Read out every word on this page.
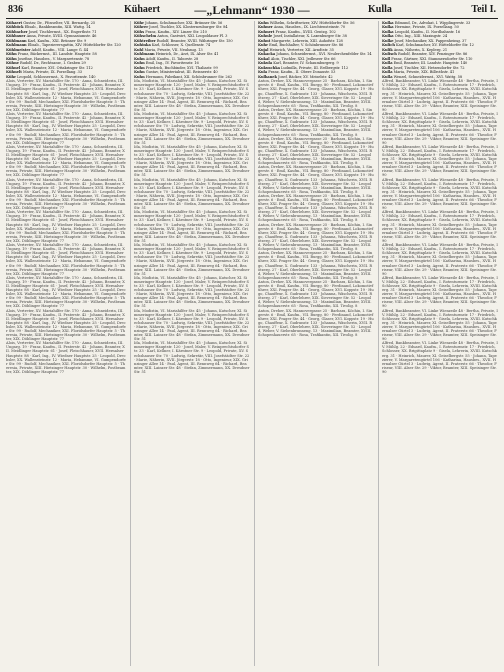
836	Kühaert	—„Lehmann“ 1930 —	Kulla	Teil I.
Kühaert Gustav, Dr., Pfosselter, VII. Bernardg. 25
Kühböck Elisab., Bankbeamtin, XIII. Wattg. 14
Kühbacher Josef, Tischlermst., XX. Engerthstr. 71
Kühbauer Anna, Private, XVIII. Gymnasiumstr. 46
Kühlmann Karl, Kaufm., XXI. Brünner Str. 9
Kuhlmann Elisab., Tapezierersgattin, XIV. Hütteldorfer Str. 120
Kühlmeister Adolf, Kaufm., VIII. Lange G. 44
Kühn Franz, Bäckermst., III. Landstr. Hauptstr. 58
Kühn Josefine, Hausbes., V. Margaretenstr. 78
Kühne Rudolf, Dr., Rechtsanw., I. Graben 29
Kühnel Karl, Beamter, XVI. Ottakringer Str. 112
Kühnelt Maria, Private, IX. Porzellang. 33
Kühr Leopold, Schlossermst., X. Favoritenstr. 140
Alois, Vertreter, XV. Mariahilfer Str. 170 · Anna, Schneiderin, III. Ungarg. 19 · Franz, Kaufm., II. Praterstr. 42 · Johann, Beamter, XII. Meidlinger Hauptstr. 61 · Josef, Fleischhauer, XVII. Hernalser Hauptstr. 88 · Karl, Ing., IV. Wiedner Hauptstr. 25 · Leopold, Drechsler, XX. Wallensteinstr. 12 · Maria, Hebamme, VI. Gumpendorfer Str. 99 · Rudolf, Mechaniker, XXI. Floridsdorfer Hauptstr. 5 · Theresia, Private, XIII. Hietzinger Hauptstr. 30 · Wilhelm, Postbeamter, XIX. Döblinger Hauptstr. 77
Alois, Vertreter, XV. Mariahilfer Str. 170 · Anna, Schneiderin, III. Ungarg. 19 · Franz, Kaufm., II. Praterstr. 42 · Johann, Beamter, XII. Meidlinger Hauptstr. 61 · Josef, Fleischhauer, XVII. Hernalser Hauptstr. 88 · Karl, Ing., IV. Wiedner Hauptstr. 25 · Leopold, Drechsler, XX. Wallensteinstr. 12 · Maria, Hebamme, VI. Gumpendorfer Str. 99 · Rudolf, Mechaniker, XXI. Floridsdorfer Hauptstr. 5 · Theresia, Private, XIII. Hietzinger Hauptstr. 30 · Wilhelm, Postbeamter, XIX. Döblinger Hauptstr. 77
Alois, Vertreter, XV. Mariahilfer Str. 170 · Anna, Schneiderin, III. Ungarg. 19 · Franz, Kaufm., II. Praterstr. 42 · Johann, Beamter, XII. Meidlinger Hauptstr. 61 · Josef, Fleischhauer, XVII. Hernalser Hauptstr. 88 · Karl, Ing., IV. Wiedner Hauptstr. 25 · Leopold, Drechsler, XX. Wallensteinstr. 12 · Maria, Hebamme, VI. Gumpendorfer Str. 99 · Rudolf, Mechaniker, XXI. Floridsdorfer Hauptstr. 5 · Theresia, Private, XIII. Hietzinger Hauptstr. 30 · Wilhelm, Postbeamter, XIX. Döblinger Hauptstr. 77
Alois, Vertreter, XV. Mariahilfer Str. 170 · Anna, Schneiderin, III. Ungarg. 19 · Franz, Kaufm., II. Praterstr. 42 · Johann, Beamter, XII. Meidlinger Hauptstr. 61 · Josef, Fleischhauer, XVII. Hernalser Hauptstr. 88 · Karl, Ing., IV. Wiedner Hauptstr. 25 · Leopold, Drechsler, XX. Wallensteinstr. 12 · Maria, Hebamme, VI. Gumpendorfer Str. 99 · Rudolf, Mechaniker, XXI. Floridsdorfer Hauptstr. 5 · Theresia, Private, XIII. Hietzinger Hauptstr. 30 · Wilhelm, Postbeamter, XIX. Döblinger Hauptstr. 77
Alois, Vertreter, XV. Mariahilfer Str. 170 · Anna, Schneiderin, III. Ungarg. 19 · Franz, Kaufm., II. Praterstr. 42 · Johann, Beamter, XII. Meidlinger Hauptstr. 61 · Josef, Fleischhauer, XVII. Hernalser Hauptstr. 88 · Karl, Ing., IV. Wiedner Hauptstr. 25 · Leopold, Drechsler, XX. Wallensteinstr. 12 · Maria, Hebamme, VI. Gumpendorfer Str. 99 · Rudolf, Mechaniker, XXI. Floridsdorfer Hauptstr. 5 · Theresia, Private, XIII. Hietzinger Hauptstr. 30 · Wilhelm, Postbeamter, XIX. Döblinger Hauptstr. 77
Alois, Vertreter, XV. Mariahilfer Str. 170 · Anna, Schneiderin, III. Ungarg. 19 · Franz, Kaufm., II. Praterstr. 42 · Johann, Beamter, XII. Meidlinger Hauptstr. 61 · Josef, Fleischhauer, XVII. Hernalser Hauptstr. 88 · Karl, Ing., IV. Wiedner Hauptstr. 25 · Leopold, Drechsler, XX. Wallensteinstr. 12 · Maria, Hebamme, VI. Gumpendorfer Str. 99 · Rudolf, Mechaniker, XXI. Floridsdorfer Hauptstr. 5 · Theresia, Private, XIII. Hietzinger Hauptstr. 30 · Wilhelm, Postbeamter, XIX. Döblinger Hauptstr. 77
Alois, Vertreter, XV. Mariahilfer Str. 170 · Anna, Schneiderin, III. Ungarg. 19 · Franz, Kaufm., II. Praterstr. 42 · Johann, Beamter, XII. Meidlinger Hauptstr. 61 · Josef, Fleischhauer, XVII. Hernalser Hauptstr. 88 · Karl, Ing., IV. Wiedner Hauptstr. 25 · Leopold, Drechsler, XX. Wallensteinstr. 12 · Maria, Hebamme, VI. Gumpendorfer Str. 99 · Rudolf, Mechaniker, XXI. Floridsdorfer Hauptstr. 5 · Theresia, Private, XIII. Hietzinger Hauptstr. 30 · Wilhelm, Postbeamter, XIX. Döblinger Hauptstr. 77
Alois, Vertreter, XV. Mariahilfer Str. 170 · Anna, Schneiderin, III. Ungarg. 19 · Franz, Kaufm., II. Praterstr. 42 · Johann, Beamter, XII. Meidlinger Hauptstr. 61 · Josef, Fleischhauer, XVII. Hernalser Hauptstr. 88 · Karl, Ing., IV. Wiedner Hauptstr. 25 · Leopold, Drechsler, XX. Wallensteinstr. 12 · Maria, Hebamme, VI. Gumpendorfer Str. 99 · Rudolf, Mechaniker, XXI. Floridsdorfer Hauptstr. 5 · Theresia, Private, XIII. Hietzinger Hauptstr. 30 · Wilhelm, Postbeamter, XIX. Döblinger Hauptstr. 77
Alois, Vertreter, XV. Mariahilfer Str. 170 · Anna, Schneiderin, III. Ungarg. 19 · Franz, Kaufm., II. Praterstr. 42 · Johann, Beamter, XII. Meidlinger Hauptstr. 61 · Josef, Fleischhauer, XVII. Hernalser Hauptstr. 88 · Karl, Ing., IV. Wiedner Hauptstr. 25 · Leopold, Drechsler, XX. Wallensteinstr. 12 · Maria, Hebamme, VI. Gumpendorfer Str. 99 · Rudolf, Mechaniker, XXI. Floridsdorfer Hauptstr. 5 · Theresia, Private, XIII. Hietzinger Hauptstr. 30 · Wilhelm, Postbeamter, XIX. Döblinger Hauptstr. 77
Kühr Johann, Schuhmacher, XXI. Brünner Str. 56
Kührer Josef, Tischler, XX. Klosterneuburger Str. 84
Kühs Franz, Kaufm., XIV. Linzer Str. 210
Kühschelm Anton, Gastwirt, XXI. Leopoldauer Pl. 3
Kühtreiber Rudolf, Beamter, XVIII. Währinger Str. 150
Kuhinka Karl, Schlosser, X. Quellenstr. 74
Kuhl Maria, Private, VII. Neubaug. 13
Kuhlmann Heinrich, Dr., Arzt, IX. Alser Str. 41
Kuhn Adolf, Kaufm., II. Taborstr. 28
Kuhn Emil, Ing., IV. Favoritenstr. 16
Kuhn Friedrich, Buchbinder, XVI. Thaliastr. 99
Kuhn Gustav, Ministerialrat, III. Reisnerstr. 40
Kuhn Hermann, Fabrikant, XII. Schönbrunner Str. 262
Ida, Modistin, VI. Mariahilfer Str. 45 · Johann, Kutscher, XI. Simmeringer Hauptstr. 120 · Josef, Maler, V. Reinprechtsdorfer Str. 33 · Karl, Kellner, I. Kärntner Str. 9 · Leopold, Private, XV. Sechshauser Str. 70 · Ludwig, Sekretär, VIII. Josefstädter Str. 22 · Marie, Näherin, XVII. Jörgerstr. 18 · Otto, Ingenieur, XIX. Grinzinger Allee 14 · Paul, Agent, III. Rennweg 64 · Richard, Beamter, XIII. Lainzer Str. 48 · Stefan, Zimmermann, XX. Dresdner Str. 51
Ida, Modistin, VI. Mariahilfer Str. 45 · Johann, Kutscher, XI. Simmeringer Hauptstr. 120 · Josef, Maler, V. Reinprechtsdorfer Str. 33 · Karl, Kellner, I. Kärntner Str. 9 · Leopold, Private, XV. Sechshauser Str. 70 · Ludwig, Sekretär, VIII. Josefstädter Str. 22 · Marie, Näherin, XVII. Jörgerstr. 18 · Otto, Ingenieur, XIX. Grinzinger Allee 14 · Paul, Agent, III. Rennweg 64 · Richard, Beamter, XIII. Lainzer Str. 48 · Stefan, Zimmermann, XX. Dresdner Str. 51
Ida, Modistin, VI. Mariahilfer Str. 45 · Johann, Kutscher, XI. Simmeringer Hauptstr. 120 · Josef, Maler, V. Reinprechtsdorfer Str. 33 · Karl, Kellner, I. Kärntner Str. 9 · Leopold, Private, XV. Sechshauser Str. 70 · Ludwig, Sekretär, VIII. Josefstädter Str. 22 · Marie, Näherin, XVII. Jörgerstr. 18 · Otto, Ingenieur, XIX. Grinzinger Allee 14 · Paul, Agent, III. Rennweg 64 · Richard, Beamter, XIII. Lainzer Str. 48 · Stefan, Zimmermann, XX. Dresdner Str. 51
Ida, Modistin, VI. Mariahilfer Str. 45 · Johann, Kutscher, XI. Simmeringer Hauptstr. 120 · Josef, Maler, V. Reinprechtsdorfer Str. 33 · Karl, Kellner, I. Kärntner Str. 9 · Leopold, Private, XV. Sechshauser Str. 70 · Ludwig, Sekretär, VIII. Josefstädter Str. 22 · Marie, Näherin, XVII. Jörgerstr. 18 · Otto, Ingenieur, XIX. Grinzinger Allee 14 · Paul, Agent, III. Rennweg 64 · Richard, Beamter, XIII. Lainzer Str. 48 · Stefan, Zimmermann, XX. Dresdner Str. 51
Ida, Modistin, VI. Mariahilfer Str. 45 · Johann, Kutscher, XI. Simmeringer Hauptstr. 120 · Josef, Maler, V. Reinprechtsdorfer Str. 33 · Karl, Kellner, I. Kärntner Str. 9 · Leopold, Private, XV. Sechshauser Str. 70 · Ludwig, Sekretär, VIII. Josefstädter Str. 22 · Marie, Näherin, XVII. Jörgerstr. 18 · Otto, Ingenieur, XIX. Grinzinger Allee 14 · Paul, Agent, III. Rennweg 64 · Richard, Beamter, XIII. Lainzer Str. 48 · Stefan, Zimmermann, XX. Dresdner Str. 51
Ida, Modistin, VI. Mariahilfer Str. 45 · Johann, Kutscher, XI. Simmeringer Hauptstr. 120 · Josef, Maler, V. Reinprechtsdorfer Str. 33 · Karl, Kellner, I. Kärntner Str. 9 · Leopold, Private, XV. Sechshauser Str. 70 · Ludwig, Sekretär, VIII. Josefstädter Str. 22 · Marie, Näherin, XVII. Jörgerstr. 18 · Otto, Ingenieur, XIX. Grinzinger Allee 14 · Paul, Agent, III. Rennweg 64 · Richard, Beamter, XIII. Lainzer Str. 48 · Stefan, Zimmermann, XX. Dresdner Str. 51
Ida, Modistin, VI. Mariahilfer Str. 45 · Johann, Kutscher, XI. Simmeringer Hauptstr. 120 · Josef, Maler, V. Reinprechtsdorfer Str. 33 · Karl, Kellner, I. Kärntner Str. 9 · Leopold, Private, XV. Sechshauser Str. 70 · Ludwig, Sekretär, VIII. Josefstädter Str. 22 · Marie, Näherin, XVII. Jörgerstr. 18 · Otto, Ingenieur, XIX. Grinzinger Allee 14 · Paul, Agent, III. Rennweg 64 · Richard, Beamter, XIII. Lainzer Str. 48 · Stefan, Zimmermann, XX. Dresdner Str. 51
Ida, Modistin, VI. Mariahilfer Str. 45 · Johann, Kutscher, XI. Simmeringer Hauptstr. 120 · Josef, Maler, V. Reinprechtsdorfer Str. 33 · Karl, Kellner, I. Kärntner Str. 9 · Leopold, Private, XV. Sechshauser Str. 70 · Ludwig, Sekretär, VIII. Josefstädter Str. 22 · Marie, Näherin, XVII. Jörgerstr. 18 · Otto, Ingenieur, XIX. Grinzinger Allee 14 · Paul, Agent, III. Rennweg 64 · Richard, Beamter, XIII. Lainzer Str. 48 · Stefan, Zimmermann, XX. Dresdner Str. 51
Ida, Modistin, VI. Mariahilfer Str. 45 · Johann, Kutscher, XI. Simmeringer Hauptstr. 120 · Josef, Maler, V. Reinprechtsdorfer Str. 33 · Karl, Kellner, I. Kärntner Str. 9 · Leopold, Private, XV. Sechshauser Str. 70 · Ludwig, Sekretär, VIII. Josefstädter Str. 22 · Marie, Näherin, XVII. Jörgerstr. 18 · Otto, Ingenieur, XIX. Grinzinger Allee 14 · Paul, Agent, III. Rennweg 64 · Richard, Beamter, XIII. Lainzer Str. 48 · Stefan, Zimmermann, XX. Dresdner Str. 51
Kuhn Wilhelm, Schriftsetzer, XIV. Hütteldorfer Str. 56
Kuhner Anna, Hausbes., IX. Liechtensteinstr. 70
Kuhnert Franz, Kaufm., XVIII. Gentzg. 102
Kuhnle Josef, Installateur, X. Laxenburger Str. 38
Kuhnt Margarete, Lehrerin, XIII. Auhofstr. 128
Kuhr Emil, Buchhalter, V. Schönbrunner Str. 86
Kujal Heinrich, Vertreter, XII. Arndtstr. 35
Kukacka Johann, Schneidermst., XVI. Neulerchenfelder Str. 14
Kukal Alois, Tischler, XXI. Jedleseer Str. 66
Kukula Karl, Beamter, IV. Schaumburgerg. 9
Kukuschka Ludmilla, Private, III. Erdbergstr. 112
Kula Franz, Kaufm., II. Obere Donaustr. 53
Kulhanek Josef, Bäcker, XV. Meiselstr. 42
Anton, Dreher, XX. Hannovergasse 25 · Barbara, Köchin, I. Singerstr. 6 · Emil, Kaufm., VII. Burgg. 80 · Ferdinand, Lokomotivführer, XXI. Prager Str. 44 · Georg, Glaser, XVI. Koppstr. 19 · Hugo, Chauffeur, X. Gudrunstr. 133 · Johanna, Wäscherin, XVII. Rötzerg. 27 · Karl, Oberlehrer, XIX. Sieveringer Str. 52 · Leopold, Weber, V. Siebenbrunneng. 13 · Maximilian, Beamter, XVIII. Schopenhauerstr. 65 · Rosa, Trafikantin, XII. Tivolig. 8
Anton, Dreher, XX. Hannovergasse 25 · Barbara, Köchin, I. Singerstr. 6 · Emil, Kaufm., VII. Burgg. 80 · Ferdinand, Lokomotivführer, XXI. Prager Str. 44 · Georg, Glaser, XVI. Koppstr. 19 · Hugo, Chauffeur, X. Gudrunstr. 133 · Johanna, Wäscherin, XVII. Rötzerg. 27 · Karl, Oberlehrer, XIX. Sieveringer Str. 52 · Leopold, Weber, V. Siebenbrunneng. 13 · Maximilian, Beamter, XVIII. Schopenhauerstr. 65 · Rosa, Trafikantin, XII. Tivolig. 8
Anton, Dreher, XX. Hannovergasse 25 · Barbara, Köchin, I. Singerstr. 6 · Emil, Kaufm., VII. Burgg. 80 · Ferdinand, Lokomotivführer, XXI. Prager Str. 44 · Georg, Glaser, XVI. Koppstr. 19 · Hugo, Chauffeur, X. Gudrunstr. 133 · Johanna, Wäscherin, XVII. Rötzerg. 27 · Karl, Oberlehrer, XIX. Sieveringer Str. 52 · Leopold, Weber, V. Siebenbrunneng. 13 · Maximilian, Beamter, XVIII. Schopenhauerstr. 65 · Rosa, Trafikantin, XII. Tivolig. 8
Anton, Dreher, XX. Hannovergasse 25 · Barbara, Köchin, I. Singerstr. 6 · Emil, Kaufm., VII. Burgg. 80 · Ferdinand, Lokomotivführer, XXI. Prager Str. 44 · Georg, Glaser, XVI. Koppstr. 19 · Hugo, Chauffeur, X. Gudrunstr. 133 · Johanna, Wäscherin, XVII. Rötzerg. 27 · Karl, Oberlehrer, XIX. Sieveringer Str. 52 · Leopold, Weber, V. Siebenbrunneng. 13 · Maximilian, Beamter, XVIII. Schopenhauerstr. 65 · Rosa, Trafikantin, XII. Tivolig. 8
Anton, Dreher, XX. Hannovergasse 25 · Barbara, Köchin, I. Singerstr. 6 · Emil, Kaufm., VII. Burgg. 80 · Ferdinand, Lokomotivführer, XXI. Prager Str. 44 · Georg, Glaser, XVI. Koppstr. 19 · Hugo, Chauffeur, X. Gudrunstr. 133 · Johanna, Wäscherin, XVII. Rötzerg. 27 · Karl, Oberlehrer, XIX. Sieveringer Str. 52 · Leopold, Weber, V. Siebenbrunneng. 13 · Maximilian, Beamter, XVIII. Schopenhauerstr. 65 · Rosa, Trafikantin, XII. Tivolig. 8
Anton, Dreher, XX. Hannovergasse 25 · Barbara, Köchin, I. Singerstr. 6 · Emil, Kaufm., VII. Burgg. 80 · Ferdinand, Lokomotivführer, XXI. Prager Str. 44 · Georg, Glaser, XVI. Koppstr. 19 · Hugo, Chauffeur, X. Gudrunstr. 133 · Johanna, Wäscherin, XVII. Rötzerg. 27 · Karl, Oberlehrer, XIX. Sieveringer Str. 52 · Leopold, Weber, V. Siebenbrunneng. 13 · Maximilian, Beamter, XVIII. Schopenhauerstr. 65 · Rosa, Trafikantin, XII. Tivolig. 8
Anton, Dreher, XX. Hannovergasse 25 · Barbara, Köchin, I. Singerstr. 6 · Emil, Kaufm., VII. Burgg. 80 · Ferdinand, Lokomotivführer, XXI. Prager Str. 44 · Georg, Glaser, XVI. Koppstr. 19 · Hugo, Chauffeur, X. Gudrunstr. 133 · Johanna, Wäscherin, XVII. Rötzerg. 27 · Karl, Oberlehrer, XIX. Sieveringer Str. 52 · Leopold, Weber, V. Siebenbrunneng. 13 · Maximilian, Beamter, XVIII. Schopenhauerstr. 65 · Rosa, Trafikantin, XII. Tivolig. 8
Anton, Dreher, XX. Hannovergasse 25 · Barbara, Köchin, I. Singerstr. 6 · Emil, Kaufm., VII. Burgg. 80 · Ferdinand, Lokomotivführer, XXI. Prager Str. 44 · Georg, Glaser, XVI. Koppstr. 19 · Hugo, Chauffeur, X. Gudrunstr. 133 · Johanna, Wäscherin, XVII. Rötzerg. 27 · Karl, Oberlehrer, XIX. Sieveringer Str. 52 · Leopold, Weber, V. Siebenbrunneng. 13 · Maximilian, Beamter, XVIII. Schopenhauerstr. 65 · Rosa, Trafikantin, XII. Tivolig. 8
Anton, Dreher, XX. Hannovergasse 25 · Barbara, Köchin, I. Singerstr. 6 · Emil, Kaufm., VII. Burgg. 80 · Ferdinand, Lokomotivführer, XXI. Prager Str. 44 · Georg, Glaser, XVI. Koppstr. 19 · Hugo, Chauffeur, X. Gudrunstr. 133 · Johanna, Wäscherin, XVII. Rötzerg. 27 · Karl, Oberlehrer, XIX. Sieveringer Str. 52 · Leopold, Weber, V. Siebenbrunneng. 13 · Maximilian, Beamter, XVIII. Schopenhauerstr. 65 · Rosa, Trafikantin, XII. Tivolig. 8
Kulka Edmund, Dr., Advokat, I. Wipplingerstr. 33
Kulka Hermine, Private, IX. Porzellang. 50
Kulka Leopold, Kaufm., II. Nordbahnstr. 16
Kulka Otto, Ing., XIII. Maxingstr. 24
Kulke Josef, Mechaniker, XX. Pappenheimg. 37
Kulich Karl, Schuhmacher, XV. Hütteldorfer Str. 12
Kulik Anna, Näherin, X. Keplerg. 21
Kulisch Rudolf, Beamter, XIV. Penzinger Str. 86
Kull Franz, Gärtner, XXI. Stammersdorfer Str. 110
Kulla Emil, Beamter, III. Landstr. Hauptstr. 140
Kulla Josef, Tischler, XII. Hetzendorfer Str. 72
Kulla Maria, Private, XIX. Billrothstr. 41
Kulla Wenzel, Schneidermst., XVI. Wattg. 58
Alfred, Bankbeamter, VI. Linke Wienzeile 48 · Bertha, Private, IV. Mühlg. 22 · Eduard, Kaufm., I. Rotenturmstr. 17 · Friedrich, Schlosser, XX. Brigittaplatz 9 · Gisela, Lehrerin, XVIII. Kutschkerg. 31 · Heinrich, Maurer, XI. Geiselbergstr. 55 · Johann, Tapezierer, V. Margaretengürtel 106 · Katharina, Hausbes., XVII. Hernalser Gürtel 3 · Ludwig, Agent, II. Praterstr. 66 · Theodor, Friseur, VIII. Alser Str. 29 · Viktor, Beamter, XIII. Speisinger Str. 90
Alfred, Bankbeamter, VI. Linke Wienzeile 48 · Bertha, Private, IV. Mühlg. 22 · Eduard, Kaufm., I. Rotenturmstr. 17 · Friedrich, Schlosser, XX. Brigittaplatz 9 · Gisela, Lehrerin, XVIII. Kutschkerg. 31 · Heinrich, Maurer, XI. Geiselbergstr. 55 · Johann, Tapezierer, V. Margaretengürtel 106 · Katharina, Hausbes., XVII. Hernalser Gürtel 3 · Ludwig, Agent, II. Praterstr. 66 · Theodor, Friseur, VIII. Alser Str. 29 · Viktor, Beamter, XIII. Speisinger Str. 90
Alfred, Bankbeamter, VI. Linke Wienzeile 48 · Bertha, Private, IV. Mühlg. 22 · Eduard, Kaufm., I. Rotenturmstr. 17 · Friedrich, Schlosser, XX. Brigittaplatz 9 · Gisela, Lehrerin, XVIII. Kutschkerg. 31 · Heinrich, Maurer, XI. Geiselbergstr. 55 · Johann, Tapezierer, V. Margaretengürtel 106 · Katharina, Hausbes., XVII. Hernalser Gürtel 3 · Ludwig, Agent, II. Praterstr. 66 · Theodor, Friseur, VIII. Alser Str. 29 · Viktor, Beamter, XIII. Speisinger Str. 90
Alfred, Bankbeamter, VI. Linke Wienzeile 48 · Bertha, Private, IV. Mühlg. 22 · Eduard, Kaufm., I. Rotenturmstr. 17 · Friedrich, Schlosser, XX. Brigittaplatz 9 · Gisela, Lehrerin, XVIII. Kutschkerg. 31 · Heinrich, Maurer, XI. Geiselbergstr. 55 · Johann, Tapezierer, V. Margaretengürtel 106 · Katharina, Hausbes., XVII. Hernalser Gürtel 3 · Ludwig, Agent, II. Praterstr. 66 · Theodor, Friseur, VIII. Alser Str. 29 · Viktor, Beamter, XIII. Speisinger Str. 90
Alfred, Bankbeamter, VI. Linke Wienzeile 48 · Bertha, Private, IV. Mühlg. 22 · Eduard, Kaufm., I. Rotenturmstr. 17 · Friedrich, Schlosser, XX. Brigittaplatz 9 · Gisela, Lehrerin, XVIII. Kutschkerg. 31 · Heinrich, Maurer, XI. Geiselbergstr. 55 · Johann, Tapezierer, V. Margaretengürtel 106 · Katharina, Hausbes., XVII. Hernalser Gürtel 3 · Ludwig, Agent, II. Praterstr. 66 · Theodor, Friseur, VIII. Alser Str. 29 · Viktor, Beamter, XIII. Speisinger Str. 90
Alfred, Bankbeamter, VI. Linke Wienzeile 48 · Bertha, Private, IV. Mühlg. 22 · Eduard, Kaufm., I. Rotenturmstr. 17 · Friedrich, Schlosser, XX. Brigittaplatz 9 · Gisela, Lehrerin, XVIII. Kutschkerg. 31 · Heinrich, Maurer, XI. Geiselbergstr. 55 · Johann, Tapezierer, V. Margaretengürtel 106 · Katharina, Hausbes., XVII. Hernalser Gürtel 3 · Ludwig, Agent, II. Praterstr. 66 · Theodor, Friseur, VIII. Alser Str. 29 · Viktor, Beamter, XIII. Speisinger Str. 90
Alfred, Bankbeamter, VI. Linke Wienzeile 48 · Bertha, Private, IV. Mühlg. 22 · Eduard, Kaufm., I. Rotenturmstr. 17 · Friedrich, Schlosser, XX. Brigittaplatz 9 · Gisela, Lehrerin, XVIII. Kutschkerg. 31 · Heinrich, Maurer, XI. Geiselbergstr. 55 · Johann, Tapezierer, V. Margaretengürtel 106 · Katharina, Hausbes., XVII. Hernalser Gürtel 3 · Ludwig, Agent, II. Praterstr. 66 · Theodor, Friseur, VIII. Alser Str. 29 · Viktor, Beamter, XIII. Speisinger Str. 90
Alfred, Bankbeamter, VI. Linke Wienzeile 48 · Bertha, Private, IV. Mühlg. 22 · Eduard, Kaufm., I. Rotenturmstr. 17 · Friedrich, Schlosser, XX. Brigittaplatz 9 · Gisela, Lehrerin, XVIII. Kutschkerg. 31 · Heinrich, Maurer, XI. Geiselbergstr. 55 · Johann, Tapezierer, V. Margaretengürtel 106 · Katharina, Hausbes., XVII. Hernalser Gürtel 3 · Ludwig, Agent, II. Praterstr. 66 · Theodor, Friseur, VIII. Alser Str. 29 · Viktor, Beamter, XIII. Speisinger Str. 90
Alfred, Bankbeamter, VI. Linke Wienzeile 48 · Bertha, Private, IV. Mühlg. 22 · Eduard, Kaufm., I. Rotenturmstr. 17 · Friedrich, Schlosser, XX. Brigittaplatz 9 · Gisela, Lehrerin, XVIII. Kutschkerg. 31 · Heinrich, Maurer, XI. Geiselbergstr. 55 · Johann, Tapezierer, V. Margaretengürtel 106 · Katharina, Hausbes., XVII. Hernalser Gürtel 3 · Ludwig, Agent, II. Praterstr. 66 · Theodor, Friseur, VIII. Alser Str. 29 · Viktor, Beamter, XIII. Speisinger Str. 90
